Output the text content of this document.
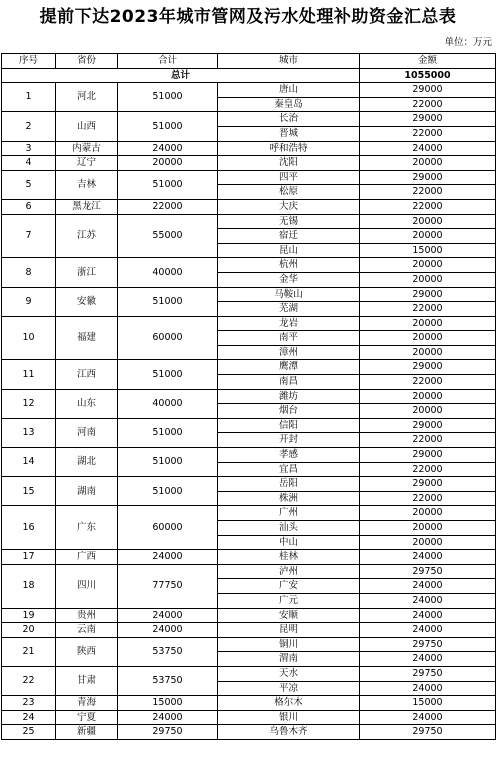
提前下达2023年城市管网及污水处理补助资金汇总表
单位：万元
序号	省份	合计	城市	金额
总计				1055000
1	河北	51000	唐山	29000
			秦皇岛	22000
2	山西	51000	长治	29000
			晋城	22000
3	内蒙古	24000	呼和浩特	24000
4	辽宁	20000	沈阳	20000
5	吉林	51000	四平	29000
			松原	22000
6	黑龙江	22000	大庆	22000
7	江苏	55000	无锡	20000
			宿迁	20000
			昆山	15000
8	浙江	40000	杭州	20000
			金华	20000
9	安徽	51000	马鞍山	29000
			芜湖	22000
10	福建	60000	龙岩	20000
			南平	20000
			漳州	20000
11	江西	51000	鹰潭	29000
			南昌	22000
12	山东	40000	潍坊	20000
			烟台	20000
13	河南	51000	信阳	29000
			开封	22000
14	湖北	51000	孝感	29000
			宜昌	22000
15	湖南	51000	岳阳	29000
			株洲	22000
16	广东	60000	广州	20000
			汕头	20000
			中山	20000
17	广西	24000	桂林	24000
18	四川	77750	泸州	29750
			广安	24000
			广元	24000
19	贵州	24000	安顺	24000
20	云南	24000	昆明	24000
21	陕西	53750	铜川	29750
			渭南	24000
22	甘肃	53750	天水	29750
			平凉	24000
23	青海	15000	格尔木	15000
24	宁夏	24000	银川	24000
25	新疆	29750	乌鲁木齐	29750
